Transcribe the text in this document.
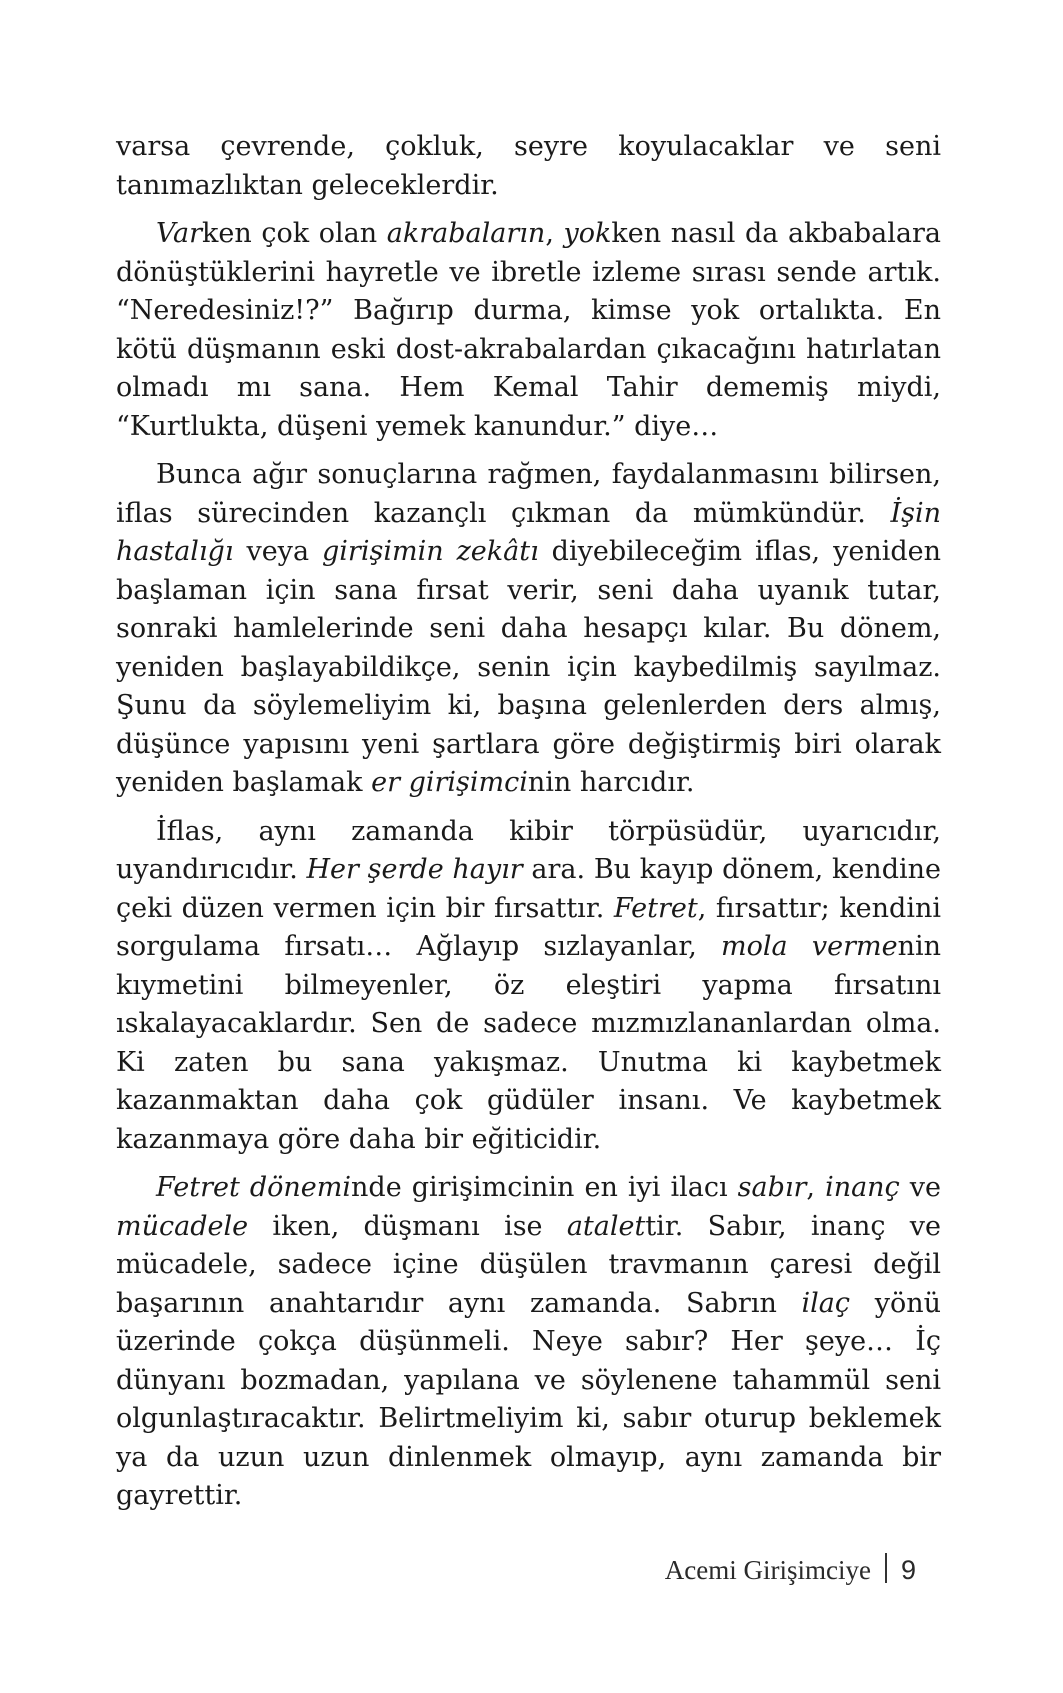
varsa çevrende, çokluk, seyre koyulacaklar ve seni tanımazlıktan geleceklerdir.

Varken çok olan akrabaların, yokken nasıl da akbabalara dönüştüklerini hayretle ve ibretle izleme sırası sende artık. “Neredesiniz!?” Bağırıp durma, kimse yok ortalıkta. En kötü düşmanın eski dost-akrabalardan çıkacağını hatırlatan olmadı mı sana. Hem Kemal Tahir dememiş miydi, “Kurtlukta, düşeni yemek kanundur.” diye…

Bunca ağır sonuçlarına rağmen, faydalanmasını bilirsen, iflas sürecinden kazançlı çıkman da mümkündür. İşin hastalığı veya girişimin zekâtı diyebileceğim iflas, yeniden başlaman için sana fırsat verir, seni daha uyanık tutar, sonraki hamlelerinde seni daha hesapçı kılar. Bu dönem, yeniden başlayabildikçe, senin için kaybedilmiş sayılmaz. Şunu da söylemeliyim ki, başına gelenlerden ders almış, düşünce yapısını yeni şartlara göre değiştirmiş biri olarak yeniden başlamak er girişimcinin harcıdır.

İflas, aynı zamanda kibir törpüsüdür, uyarıcıdır, uyandırıcıdır. Her şerde hayır ara. Bu kayıp dönem, kendine çeki düzen vermen için bir fırsattır. Fetret, fırsattır; kendini sorgulama fırsatı… Ağlayıp sızlayanlar, mola vermenin kıymetini bilmeyenler, öz eleştiri yapma fırsatını ıskalayacaklardır. Sen de sadece mızmızlananlardan olma. Ki zaten bu sana yakışmaz. Unutma ki kaybetmek kazanmaktan daha çok güdüler insanı. Ve kaybetmek kazanmaya göre daha bir eğiticidir.

Fetret döneminde girişimcinin en iyi ilacı sabır, inanç ve mücadele iken, düşmanı ise atalettir. Sabır, inanç ve mücadele, sadece içine düşülen travmanın çaresi değil başarının anahtarıdır aynı zamanda. Sabrın ilaç yönü üzerinde çokça düşünmeli. Neye sabır? Her şeye… İç dünyanı bozmadan, yapılana ve söylenene tahammül seni olgunlaştıracaktır. Belirtmeliyim ki, sabır oturup beklemek ya da uzun uzun dinlenmek olmayıp, aynı zamanda bir gayrettir.

Acemi Girişimciye 9
